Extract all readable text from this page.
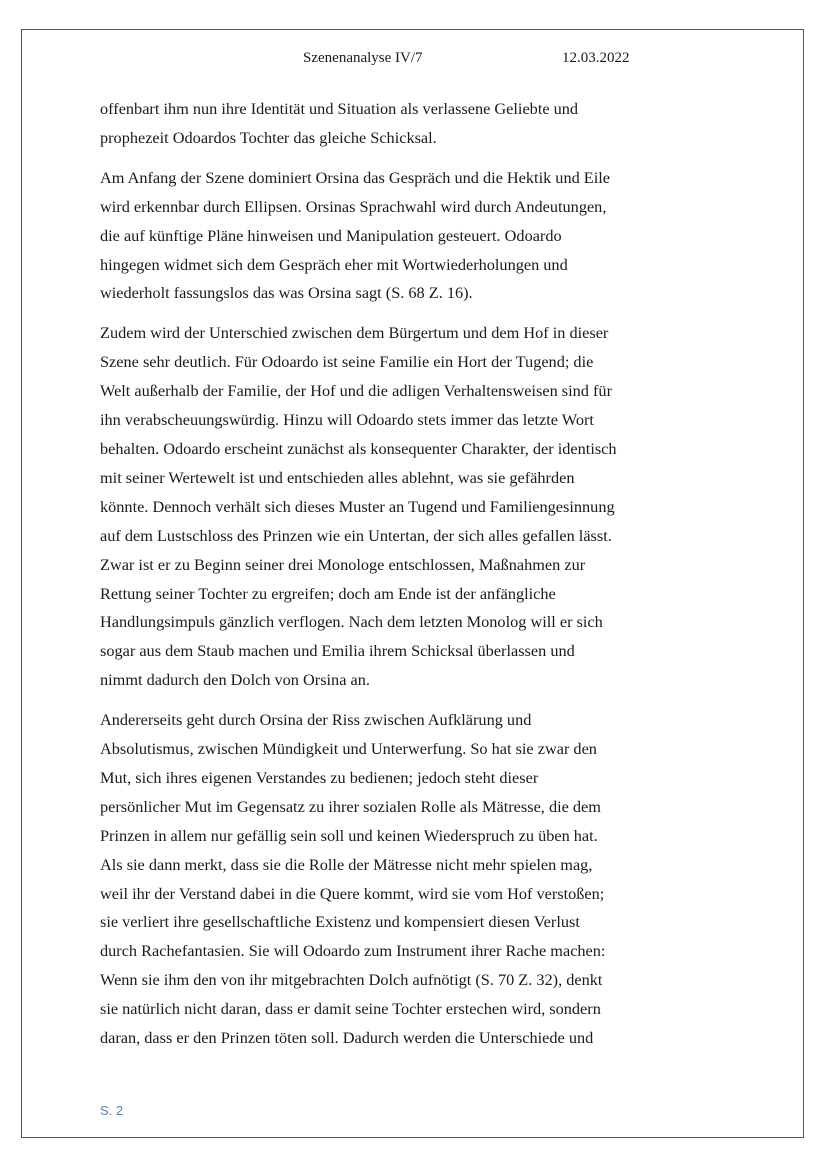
Szenenanalyse IV/7	12.03.2022

offenbart ihm nun ihre Identität und Situation als verlassene Geliebte und
prophezeit Odoardos Tochter das gleiche Schicksal.

Am Anfang der Szene dominiert Orsina das Gespräch und die Hektik und Eile
wird erkennbar durch Ellipsen. Orsinas Sprachwahl wird durch Andeutungen,
die auf künftige Pläne hinweisen und Manipulation gesteuert. Odoardo
hingegen widmet sich dem Gespräch eher mit Wortwiederholungen und
wiederholt fassungslos das was Orsina sagt (S. 68 Z. 16).

Zudem wird der Unterschied zwischen dem Bürgertum und dem Hof in dieser
Szene sehr deutlich. Für Odoardo ist seine Familie ein Hort der Tugend; die
Welt außerhalb der Familie, der Hof und die adligen Verhaltensweisen sind für
ihn verabscheuungswürdig. Hinzu will Odoardo stets immer das letzte Wort
behalten. Odoardo erscheint zunächst als konsequenter Charakter, der identisch
mit seiner Wertewelt ist und entschieden alles ablehnt, was sie gefährden
könnte. Dennoch verhält sich dieses Muster an Tugend und Familiengesinnung
auf dem Lustschloss des Prinzen wie ein Untertan, der sich alles gefallen lässt.
Zwar ist er zu Beginn seiner drei Monologe entschlossen, Maßnahmen zur
Rettung seiner Tochter zu ergreifen; doch am Ende ist der anfängliche
Handlungsimpuls gänzlich verflogen. Nach dem letzten Monolog will er sich
sogar aus dem Staub machen und Emilia ihrem Schicksal überlassen und
nimmt dadurch den Dolch von Orsina an.

Andererseits geht durch Orsina der Riss zwischen Aufklärung und
Absolutismus, zwischen Mündigkeit und Unterwerfung. So hat sie zwar den
Mut, sich ihres eigenen Verstandes zu bedienen; jedoch steht dieser
persönlicher Mut im Gegensatz zu ihrer sozialen Rolle als Mätresse, die dem
Prinzen in allem nur gefällig sein soll und keinen Wiederspruch zu üben hat.
Als sie dann merkt, dass sie die Rolle der Mätresse nicht mehr spielen mag,
weil ihr der Verstand dabei in die Quere kommt, wird sie vom Hof verstoßen;
sie verliert ihre gesellschaftliche Existenz und kompensiert diesen Verlust
durch Rachefantasien. Sie will Odoardo zum Instrument ihrer Rache machen:
Wenn sie ihm den von ihr mitgebrachten Dolch aufnötigt (S. 70 Z. 32), denkt
sie natürlich nicht daran, dass er damit seine Tochter erstechen wird, sondern
daran, dass er den Prinzen töten soll. Dadurch werden die Unterschiede und

S. 2
